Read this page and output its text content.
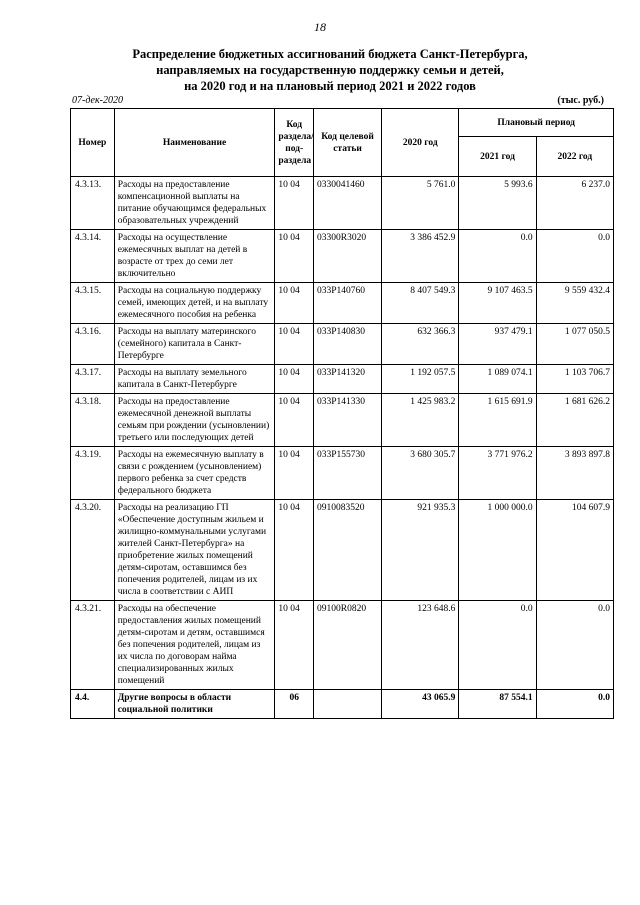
18
Распределение бюджетных ассигнований бюджета Санкт-Петербурга,
направляемых на государственную поддержку семьи и детей,
на 2020 год и на плановый период 2021 и 2022 годов
07-дек-2020	(тыс. руб.)
Номер	Наименование	Код раздела/ под-раздела	Код целевой статьи	2020 год	Плановый период	
					2021 год	2022 год
4.3.13.	Расходы на предоставление компенсационной выплаты на питание обучающимся федеральных образовательных учреждений	10 04	0330041460	5 761.0	5 993.6	6 237.0
4.3.14.	Расходы на осуществление ежемесячных выплат на детей в возрасте от трех до семи лет включительно	10 04	03300R3020	3 386 452.9	0.0	0.0
4.3.15.	Расходы на социальную поддержку семей, имеющих детей, и на выплату ежемесячного пособия на ребенка	10 04	033P140760	8 407 549.3	9 107 463.5	9 559 432.4
4.3.16.	Расходы на выплату материнского (семейного) капитала в Санкт-Петербурге	10 04	033P140830	632 366.3	937 479.1	1 077 050.5
4.3.17.	Расходы на выплату земельного капитала в Санкт-Петербурге	10 04	033P141320	1 192 057.5	1 089 074.1	1 103 706.7
4.3.18.	Расходы на предоставление ежемесячной денежной выплаты семьям при рождении (усыновлении) третьего или последующих детей	10 04	033P141330	1 425 983.2	1 615 691.9	1 681 626.2
4.3.19.	Расходы на ежемесячную выплату в связи с рождением (усыновлением) первого ребенка за счет средств федерального бюджета	10 04	033P155730	3 680 305.7	3 771 976.2	3 893 897.8
4.3.20.	Расходы на реализацию ГП «Обеспечение доступным жильем и жилищно-коммунальными услугами жителей Санкт-Петербурга» на приобретение жилых помещений детям-сиротам, оставшимся без попечения родителей, лицам из их числа в соответствии с АИП	10 04	0910083520	921 935.3	1 000 000.0	104 607.9
4.3.21.	Расходы на обеспечение предоставления жилых помещений детям-сиротам и детям, оставшимся без попечения родителей, лицам из их числа по договорам найма специализированных жилых помещений	10 04	09100R0820	123 648.6	0.0	0.0
4.4.	Другие вопросы в области социальной политики	06		43 065.9	87 554.1	0.0
